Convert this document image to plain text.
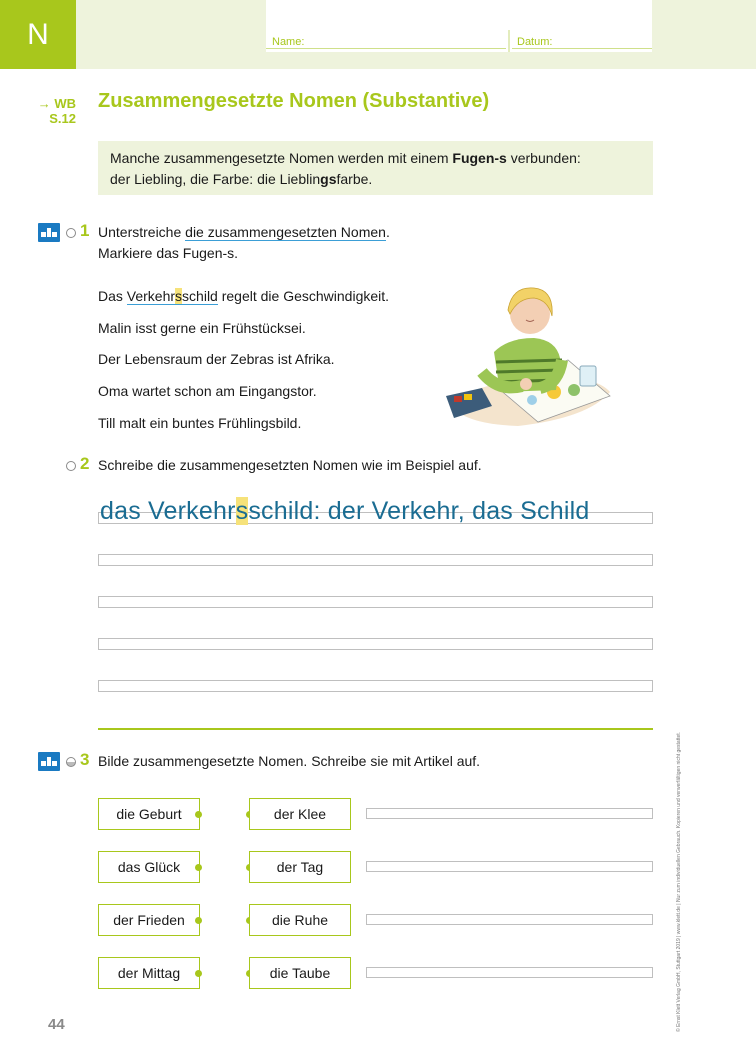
N	Name:	Datum:
→ WB
S.12
Zusammengesetzte Nomen (Substantive)
Manche zusammengesetzte Nomen werden mit einem Fugen-s verbunden:
der Liebling, die Farbe: die Lieblingsfarbe.
1 Unterstreiche die zusammengesetzten Nomen.
Markiere das Fugen-s.
Das Verkehrsschild regelt die Geschwindigkeit.
Malin isst gerne ein Frühstücksei.
Der Lebensraum der Zebras ist Afrika.
Oma wartet schon am Eingangstor.
Till malt ein buntes Frühlingsbild.
2 Schreibe die zusammengesetzten Nomen wie im Beispiel auf.
das Verkehrsschild: der Verkehr, das Schild
3 Bilde zusammengesetzte Nomen. Schreibe sie mit Artikel auf.
die Geburt	der Klee
das Glück	der Tag
der Frieden	die Ruhe
der Mittag	die Taube
44	© Ernst Klett Verlag GmbH, Stuttgart 2019 | www.klett.de | Nur zum individuellen Gebrauch. Kopieren und verwerfältigen nicht gestattet.
